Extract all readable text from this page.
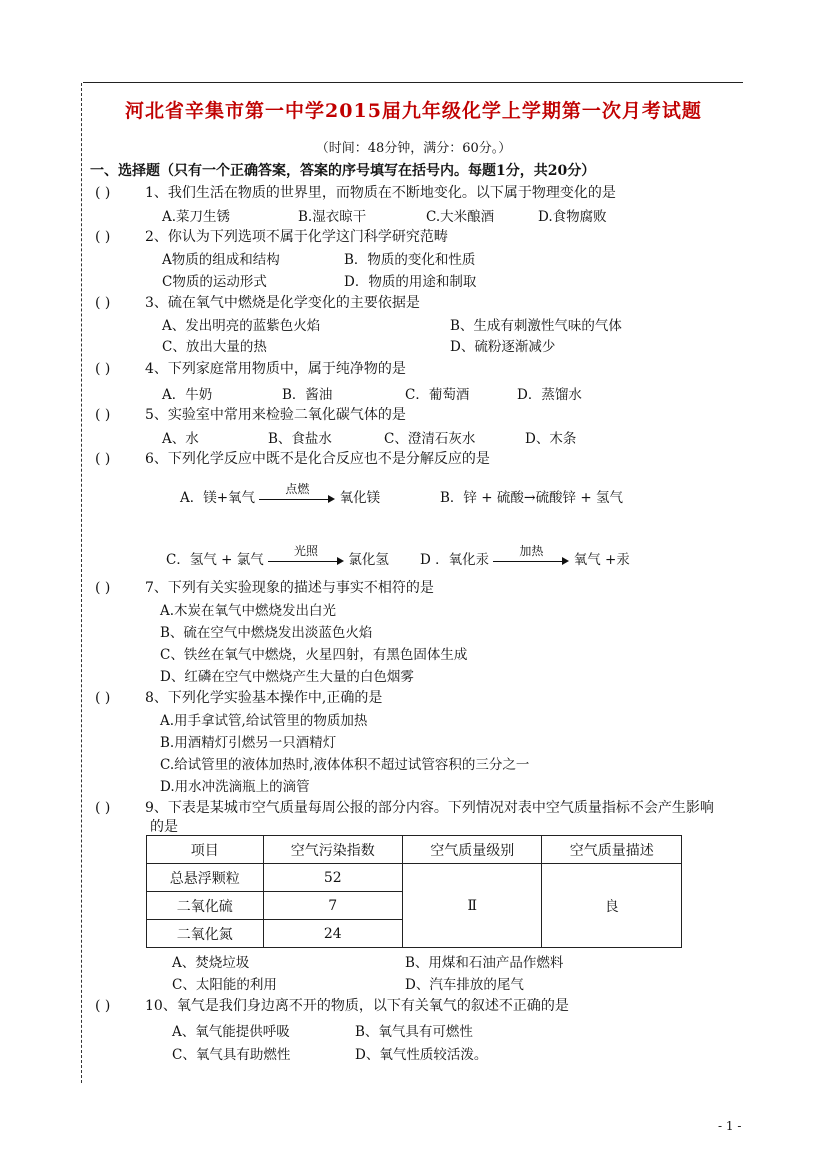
河北省辛集市第一中学2015届九年级化学上学期第一次月考试题
（时间：48分钟，满分：60分。）
一、选择题（只有一个正确答案，答案的序号填写在括号内。每题1分，共20分）
( ) 1、我们生活在物质的世界里，而物质在不断地变化。以下属于物理变化的是
A.菜刀生锈	B.湿衣晾干	C.大米酿酒	D.食物腐败
( ) 2、你认为下列选项不属于化学这门科学研究范畴
A物质的组成和结构	B．物质的变化和性质
C物质的运动形式	D．物质的用途和制取
( ) 3、硫在氧气中燃烧是化学变化的主要依据是
A、发出明亮的蓝紫色火焰	B、生成有刺激性气味的气体
C、放出大量的热	D、硫粉逐渐减少
( ) 4、下列家庭常用物质中，属于纯净物的是
A．牛奶	B．酱油	C．葡萄酒	D．蒸馏水
( ) 5、实验室中常用来检验二氧化碳气体的是
A、水	B、食盐水	C、澄清石灰水	D、木条
( ) 6、下列化学反应中既不是化合反应也不是分解反应的是
A．镁+氧气
点燃
氧化镁	B．锌 + 硫酸→硫酸锌 + 氢气
C．氢气 + 氯气
光照
氯化氢 D ．氧化汞
加热
氧气 +汞
( ) 7、下列有关实验现象的描述与事实不相符的是
A.木炭在氧气中燃烧发出白光
B、硫在空气中燃烧发出淡蓝色火焰
C、铁丝在氧气中燃烧，火星四射，有黑色固体生成
D、红磷在空气中燃烧产生大量的白色烟雾
( ) 8、下列化学实验基本操作中,正确的是
A.用手拿试管,给试管里的物质加热
B.用酒精灯引燃另一只酒精灯
C.给试管里的液体加热时,液体体积不超过试管容积的三分之一
D.用水冲洗滴瓶上的滴管
( ) 9、下表是某城市空气质量每周公报的部分内容。下列情况对表中空气质量指标不会产生影响
的是
项目	空气污染指数	空气质量级别	空气质量描述
总悬浮颗粒	52	Ⅱ	良
二氧化硫	7		
二氧化氮	24		
A、焚烧垃圾	B、用煤和石油产品作燃料
C、太阳能的利用	D、汽车排放的尾气
( ) 10、氧气是我们身边离不开的物质，以下有关氧气的叙述不正确的是
A、氧气能提供呼吸	B、氧气具有可燃性
C、氧气具有助燃性	D、氧气性质较活泼。
- 1 -
